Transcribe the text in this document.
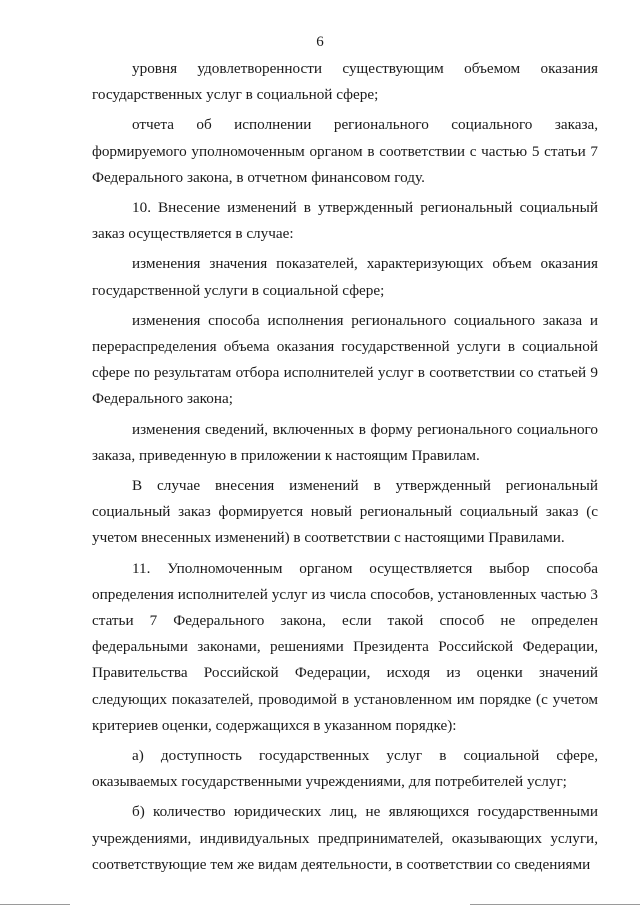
6

уровня удовлетворенности существующим объемом оказания государственных услуг в социальной сфере;

отчета об исполнении регионального социального заказа, формируемого уполномоченным органом в соответствии с частью 5 статьи 7 Федерального закона, в отчетном финансовом году.

10. Внесение изменений в утвержденный региональный социальный заказ осуществляется в случае:

изменения значения показателей, характеризующих объем оказания государственной услуги в социальной сфере;

изменения способа исполнения регионального социального заказа и перераспределения объема оказания государственной услуги в социальной сфере по результатам отбора исполнителей услуг в соответствии со статьей 9 Федерального закона;

изменения сведений, включенных в форму регионального социального заказа, приведенную в приложении к настоящим Правилам.

В случае внесения изменений в утвержденный региональный социальный заказ формируется новый региональный социальный заказ (с учетом внесенных изменений) в соответствии с настоящими Правилами.

11. Уполномоченным органом осуществляется выбор способа определения исполнителей услуг из числа способов, установленных частью 3 статьи 7 Федерального закона, если такой способ не определен федеральными законами, решениями Президента Российской Федерации, Правительства Российской Федерации, исходя из оценки значений следующих показателей, проводимой в установленном им порядке (с учетом критериев оценки, содержащихся в указанном порядке):

а) доступность государственных услуг в социальной сфере, оказываемых государственными учреждениями, для потребителей услуг;

б) количество юридических лиц, не являющихся государственными учреждениями, индивидуальных предпринимателей, оказывающих услуги, соответствующие тем же видам деятельности, в соответствии со сведениями
